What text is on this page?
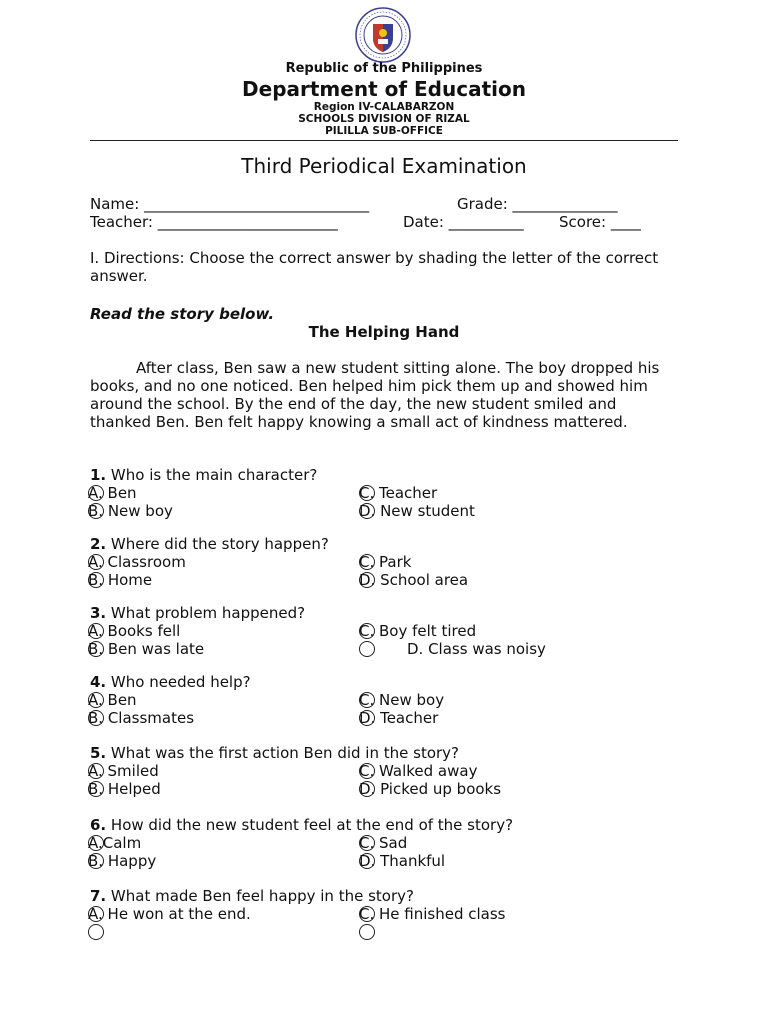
Republic of the Philippines
Department of Education
Region IV-CALABARZON
SCHOOLS DIVISION OF RIZAL
PILILLA SUB-OFFICE
Third Periodical Examination
Name: ______________________________	Grade: ______________
Teacher: ________________________	Date: __________ Score: ____
I. Directions: Choose the correct answer by shading the letter of the correct answer.
Read the story below.
The Helping Hand
After class, Ben saw a new student sitting alone. The boy dropped his books, and no one noticed. Ben helped him pick them up and showed him around the school. By the end of the day, the new student smiled and thanked Ben. Ben felt happy knowing a small act of kindness mattered.
1. Who is the main character?
A. Ben	C. Teacher
B. New boy	D. New student
2. Where did the story happen?
A. Classroom	C. Park
B. Home	D. School area
3. What problem happened?
A. Books fell	C. Boy felt tired
B. Ben was late	D. Class was noisy
4. Who needed help?
A. Ben	C. New boy
B. Classmates	D. Teacher
5. What was the first action Ben did in the story?
A. Smiled	C. Walked away
B. Helped	D. Picked up books
6. How did the new student feel at the end of the story?
A.Calm	C. Sad
B. Happy	D. Thankful
7. What made Ben feel happy in the story?
A. He won at the end.	C. He finished class
